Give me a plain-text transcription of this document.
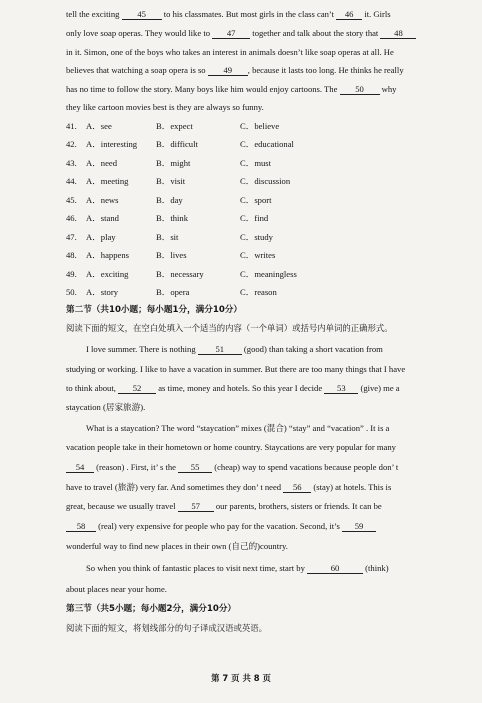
tell the exciting 45 to his classmates. But most girls in the class can’t 46 it. Girls
only love soap operas. They would like to 47 together and talk about the story that 48
in it. Simon, one of the boys who takes an interest in animals doesn’t like soap operas at all. He
believes that watching a soap opera is so 49 , because it lasts too long. He thinks he really
has no time to follow the story. Many boys like him would enjoy cartoons. The 50 why
they like cartoon movies best is they are always so funny.
41. A．see	B．expect	C．believe
42. A．interesting B．difficult	C．educational
43. A．need	B．might	C．must
44. A．meeting	B．visit	C．discussion
45. A．news	B．day	C．sport
46. A．stand	B．think	C．find
47. A．play	B．sit	C．study
48. A．happens	B．lives	C．writes
49. A．exciting	B．necessary	C．meaningless
50. A．story	B．opera	C．reason
第二节（共10小题；每小题1分，满分10分）
阅读下面的短文，在空白处填入一个适当的内容（一个单词）或括号内单词的正确形式。
I love summer. There is nothing 51 (good) than taking a short vacation from
studying or working. I like to have a vacation in summer. But there are too many things that I have
to think about, 52 as time, money and hotels. So this year I decide 53 (give) me a
staycation (居家旅游).
What is a staycation? The word “staycation” mixes (混合) “stay” and “vacation” . It is a
vacation people take in their hometown or home country. Staycations are very popular for many
54 (reason) . First, it’ s the 55 (cheap) way to spend vacations because people don’ t
have to travel (旅游) very far. And sometimes they don’ t need 56 (stay) at hotels. This is
great, because we usually travel 57 our parents, brothers, sisters or friends. It can be
58 (real) very expensive for people who pay for the vacation. Second, it’s 59
wonderful way to find new places in their own (自己的)country.
So when you think of fantastic places to visit next time, start by	60	(think)
about places near your home.
第三节（共5小题；每小题2分，满分10分）
阅读下面的短文，将划线部分的句子译成汉语或英语。
第 7 页 共 8 页
